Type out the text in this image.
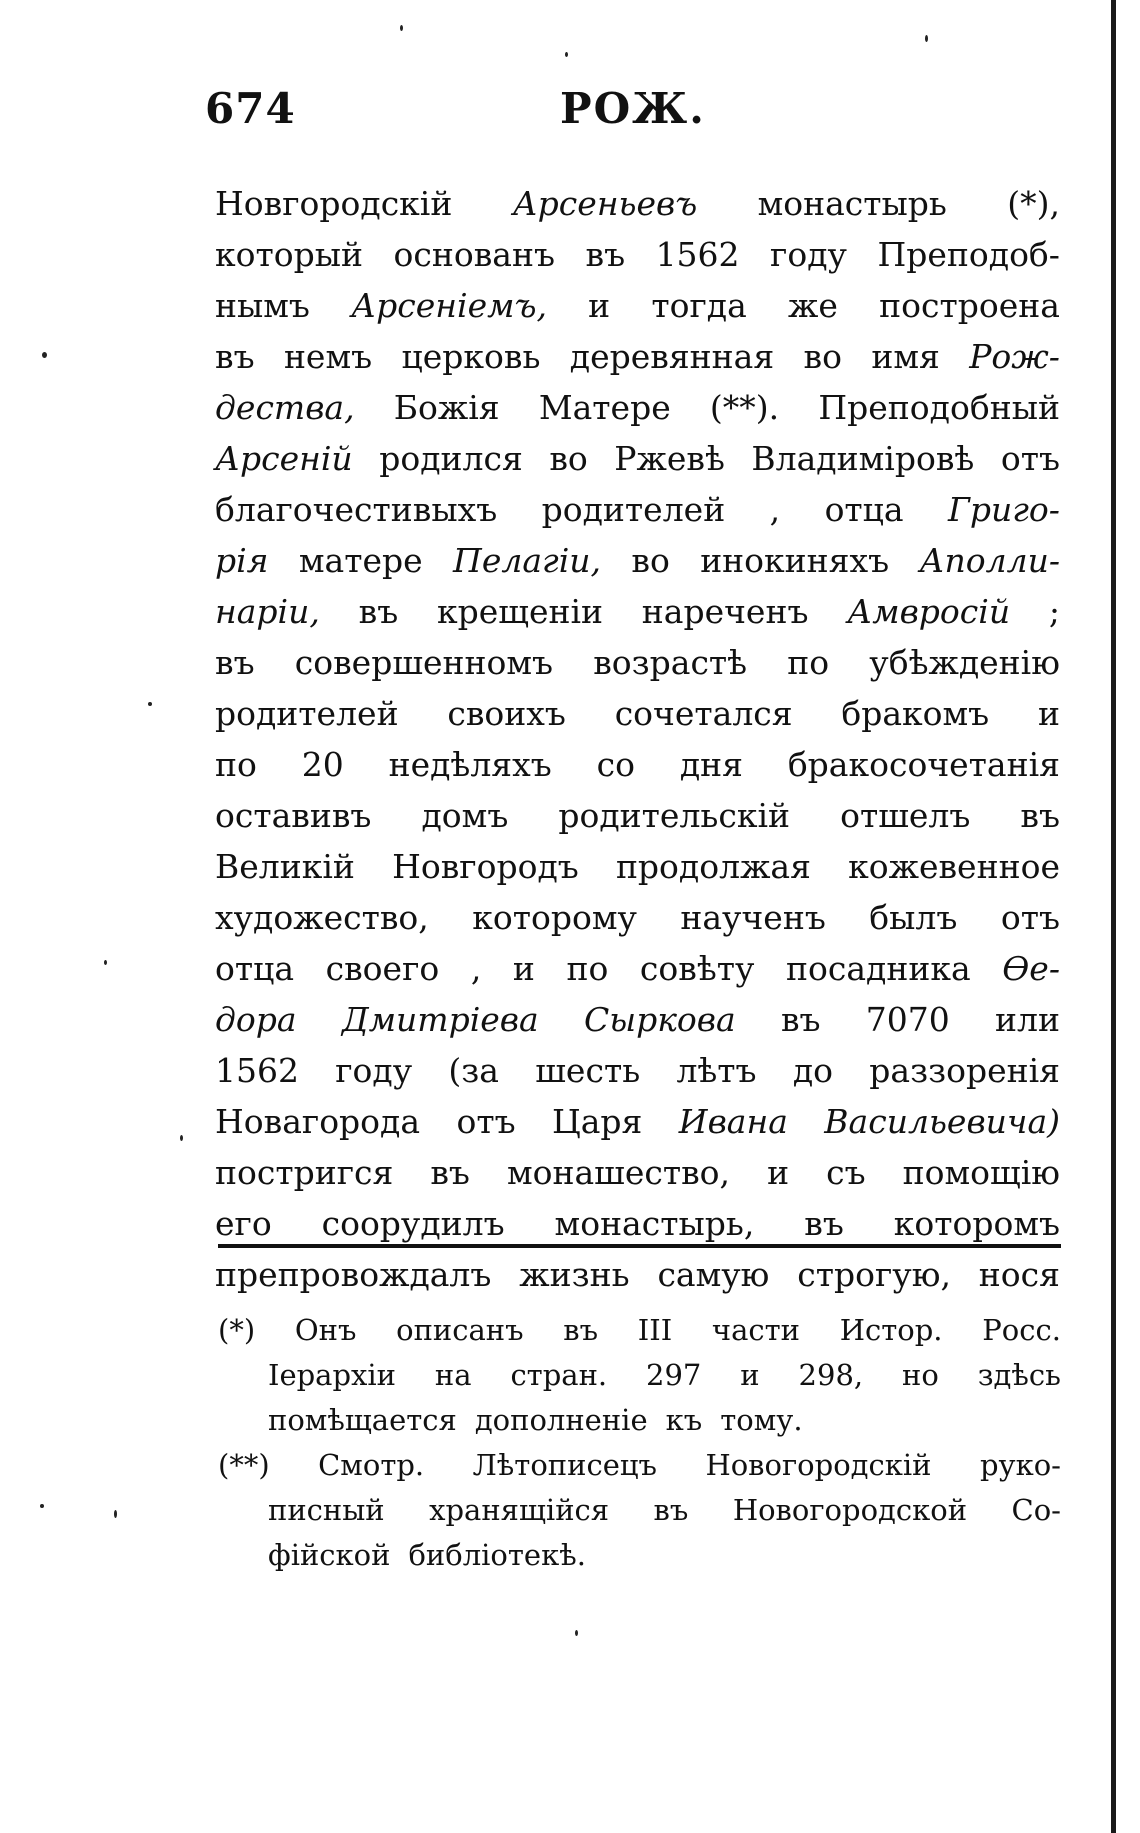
674	РОЖ.
Новгородскій Арсеньевъ монастырь (*),
который основанъ въ 1562 году Преподоб-
нымъ Арсеніемъ, и тогда же построена
въ немъ церковь деревянная во имя Рож-
дества, Божія Матере (**). Преподобный
Арсеній родился во Ржевѣ Владиміровѣ отъ
благочестивыхъ родителей , отца Григо-
рія матере Пелагіи, во инокиняхъ Аполли-
наріи, въ крещеніи нареченъ Амвросій ;
въ совершенномъ возрастѣ по убѣжденію
родителей своихъ сочетался бракомъ и
по 20 недѣляхъ со дня бракосочетанія
оставивъ домъ родительскій отшелъ въ
Великій Новгородъ продолжая кожевенное
художество, которому наученъ былъ отъ
отца своего , и по совѣту посадника Ѳе-
дора Дмитріева Сыркова въ 7070 или
1562 году (за шесть лѣтъ до раззоренія
Новагорода отъ Царя Ивана Васильевича)
постригся въ монашество, и съ помощію
его соорудилъ монастырь, въ которомъ
препровождалъ жизнь самую строгую, нося
(*) Онъ описанъ въ III части Истор. Росс.
Іерархіи на стран. 297 и 298, но здѣсь
помѣщается дополненіе къ тому.
(**) Смотр. Лѣтописецъ Новогородскій руко-
писный хранящійся въ Новогородской Со-
фійской библіотекѣ.
